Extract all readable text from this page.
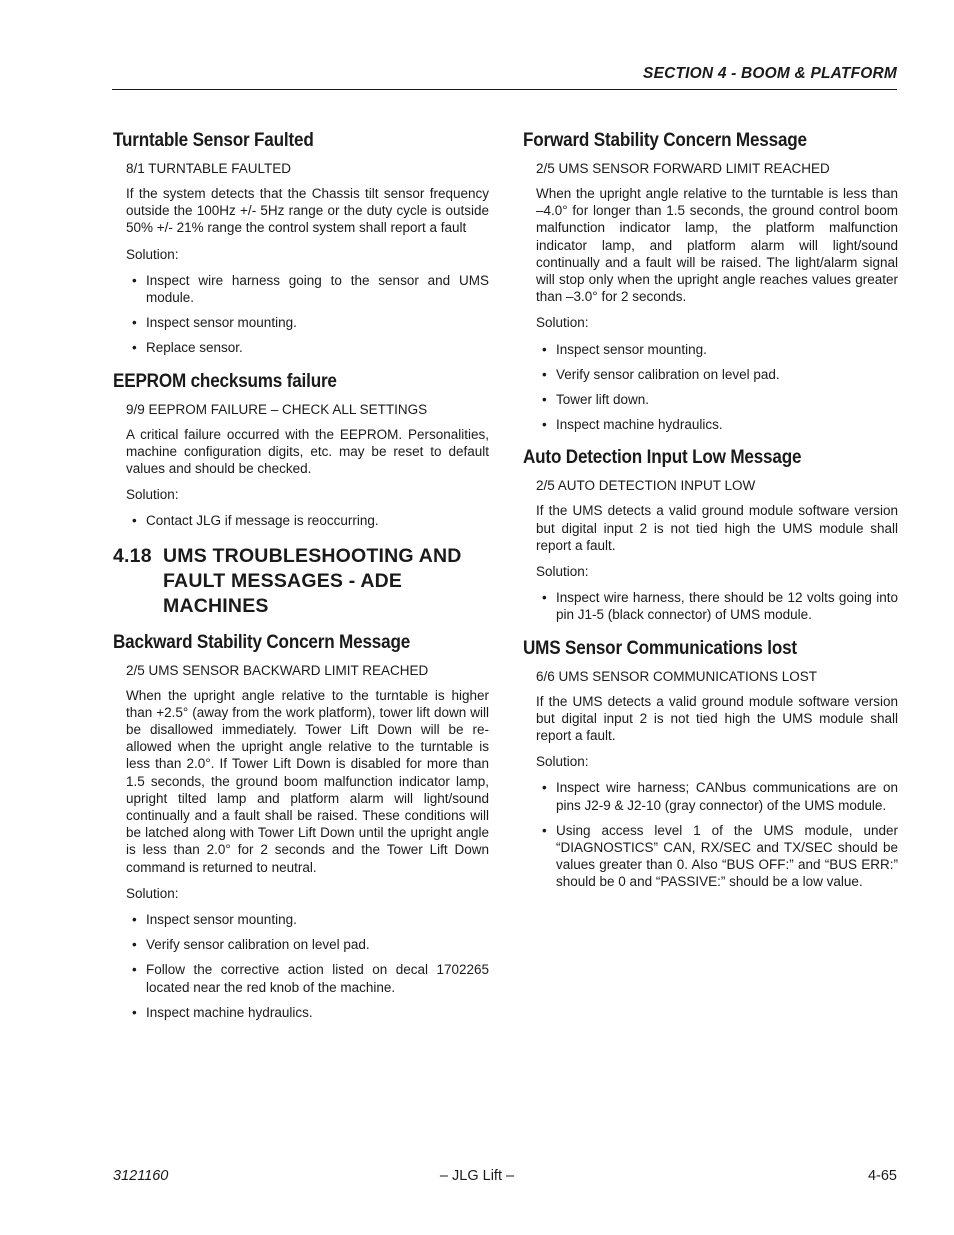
SECTION 4 - BOOM & PLATFORM
Turntable Sensor Faulted
8/1 TURNTABLE FAULTED

If the system detects that the Chassis tilt sensor frequency outside the 100Hz +/- 5Hz range or the duty cycle is outside 50% +/- 21% range the control system shall report a fault

Solution:

• Inspect wire harness going to the sensor and UMS module.
• Inspect sensor mounting.
• Replace sensor.
EEPROM checksums failure
9/9 EEPROM FAILURE – CHECK ALL SETTINGS

A critical failure occurred with the EEPROM. Personalities, machine configuration digits, etc. may be reset to default values and should be checked.

Solution:

• Contact JLG if message is reoccurring.
4.18 UMS TROUBLESHOOTING AND FAULT MESSAGES - ADE MACHINES
Backward Stability Concern Message
2/5 UMS SENSOR BACKWARD LIMIT REACHED

When the upright angle relative to the turntable is higher than +2.5° (away from the work platform), tower lift down will be disallowed immediately. Tower Lift Down will be re-allowed when the upright angle relative to the turntable is less than 2.0°. If Tower Lift Down is disabled for more than 1.5 seconds, the ground boom malfunction indicator lamp, upright tilted lamp and platform alarm will light/sound continually and a fault shall be raised. These conditions will be latched along with Tower Lift Down until the upright angle is less than 2.0° for 2 seconds and the Tower Lift Down command is returned to neutral.

Solution:

• Inspect sensor mounting.
• Verify sensor calibration on level pad.
• Follow the corrective action listed on decal 1702265 located near the red knob of the machine.
• Inspect machine hydraulics.
Forward Stability Concern Message
2/5 UMS SENSOR FORWARD LIMIT REACHED

When the upright angle relative to the turntable is less than –4.0° for longer than 1.5 seconds, the ground control boom malfunction indicator lamp, the platform malfunction indicator lamp, and platform alarm will light/sound continually and a fault will be raised. The light/alarm signal will stop only when the upright angle reaches values greater than –3.0° for 2 seconds.

Solution:

• Inspect sensor mounting.
• Verify sensor calibration on level pad.
• Tower lift down.
• Inspect machine hydraulics.
Auto Detection Input Low Message
2/5 AUTO DETECTION INPUT LOW

If the UMS detects a valid ground module software version but digital input 2 is not tied high the UMS module shall report a fault.

Solution:

• Inspect wire harness, there should be 12 volts going into pin J1-5 (black connector) of UMS module.
UMS Sensor Communications lost
6/6 UMS SENSOR COMMUNICATIONS LOST

If the UMS detects a valid ground module software version but digital input 2 is not tied high the UMS module shall report a fault.

Solution:

• Inspect wire harness; CANbus communications are on pins J2-9 & J2-10 (gray connector) of the UMS module.
• Using access level 1 of the UMS module, under “DIAGNOSTICS” CAN, RX/SEC and TX/SEC should be values greater than 0. Also “BUS OFF:” and “BUS ERR:” should be 0 and “PASSIVE:” should be a low value.
3121160	– JLG Lift –	4-65
